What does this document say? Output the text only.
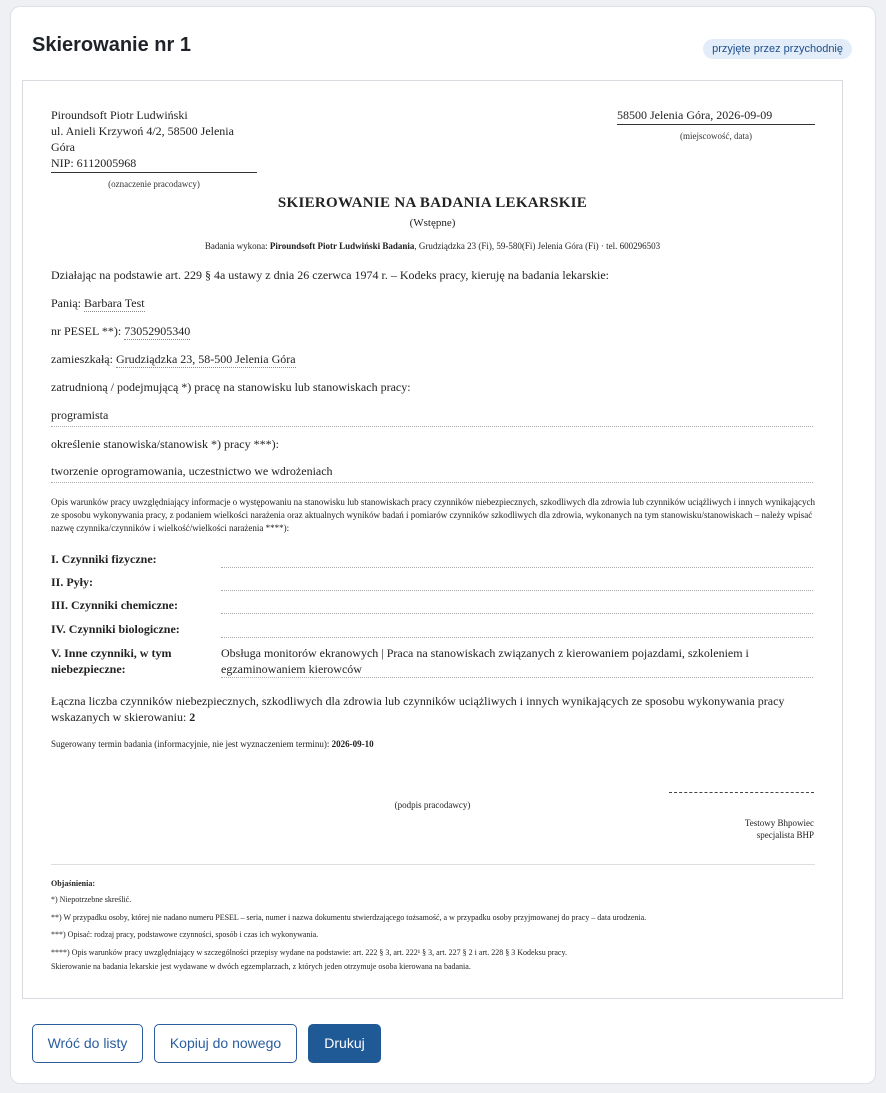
Skierowanie nr 1	przyjęte przez przychodnię
Piroundsoft Piotr Ludwiński
ul. Anieli Krzywoń 4/2, 58500 Jelenia Góra
NIP: 6112005968
(oznaczenie pracodawcy)
58500 Jelenia Góra, 2026-09-09
(miejscowość, data)
SKIEROWANIE NA BADANIA LEKARSKIE
(Wstępne)
Badania wykona: Piroundsoft Piotr Ludwiński Badania, Grudziądzka 23 (Fi), 59-580(Fi) Jelenia Góra (Fi) · tel. 600296503
Działając na podstawie art. 229 § 4a ustawy z dnia 26 czerwca 1974 r. – Kodeks pracy, kieruję na badania lekarskie:
Panią: Barbara Test
nr PESEL **): 73052905340
zamieszkałą: Grudziądzka 23, 58-500 Jelenia Góra
zatrudnioną / podejmującą *) pracę na stanowisku lub stanowiskach pracy:
programista
określenie stanowiska/stanowisk *) pracy ***):
tworzenie oprogramowania, uczestnictwo we wdrożeniach
Opis warunków pracy uwzględniający informacje o występowaniu na stanowisku lub stanowiskach pracy czynników niebezpiecznych, szkodliwych dla zdrowia lub czynników uciążliwych i innych wynikających ze sposobu wykonywania pracy, z podaniem wielkości narażenia oraz aktualnych wyników badań i pomiarów czynników szkodliwych dla zdrowia, wykonanych na tym stanowisku/stanowiskach – należy wpisać nazwę czynnika/czynników i wielkość/wielkości narażenia ****):
I. Czynniki fizyczne:
II. Pyły:
III. Czynniki chemiczne:
IV. Czynniki biologiczne:
V. Inne czynniki, w tym niebezpieczne:
Obsługa monitorów ekranowych | Praca na stanowiskach związanych z kierowaniem pojazdami, szkoleniem i egzaminowaniem kierowców
Łączna liczba czynników niebezpiecznych, szkodliwych dla zdrowia lub czynników uciążliwych i innych wynikających ze sposobu wykonywania pracy wskazanych w skierowaniu: 2
Sugerowany termin badania (informacyjnie, nie jest wyznaczeniem terminu): 2026-09-10
(podpis pracodawcy)
Testowy Bhpowiec
specjalista BHP
Objaśnienia:
*) Niepotrzebne skreślić.
**) W przypadku osoby, której nie nadano numeru PESEL – seria, numer i nazwa dokumentu stwierdzającego tożsamość, a w przypadku osoby przyjmowanej do pracy – data urodzenia.
***) Opisać: rodzaj pracy, podstawowe czynności, sposób i czas ich wykonywania.
****) Opis warunków pracy uwzględniający w szczególności przepisy wydane na podstawie: art. 222 § 3, art. 222¹ § 3, art. 227 § 2 i art. 228 § 3 Kodeksu pracy.
Skierowanie na badania lekarskie jest wydawane w dwóch egzemplarzach, z których jeden otrzymuje osoba kierowana na badania.
Wróć do listy	Kopiuj do nowego	Drukuj
